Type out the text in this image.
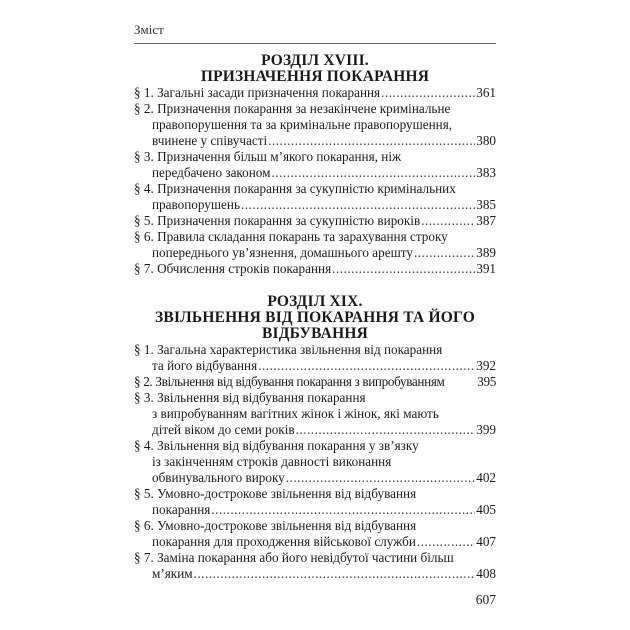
Зміст
РОЗДІЛ XVIII.
ПРИЗНАЧЕННЯ ПОКАРАННЯ
§ 1. Загальні засади призначення покарання .....	361
§ 2. Призначення покарання за незакінчене кримінальне
правопорушення та за кримінальне правопорушення,
вчинене у співучасті .....	380
§ 3. Призначення більш м’якого покарання, ніж
передбачено законом .....	383
§ 4. Призначення покарання за сукупністю кримінальних
правопорушень .....	385
§ 5. Призначення покарання за сукупністю вироків .....	387
§ 6. Правила складання покарань та зарахування строку
попереднього ув’язнення, домашнього арешту .....	389
§ 7. Обчислення строків покарання .....	391
РОЗДІЛ XIX.
ЗВІЛЬНЕННЯ ВІД ПОКАРАННЯ ТА ЙОГО
ВІДБУВАННЯ
§ 1. Загальна характеристика звільнення від покарання
та його відбування .....	392
§ 2. Звільнення від відбування покарання з випробуванням 395
§ 3. Звільнення від відбування покарання
з випробуванням вагітних жінок і жінок, які мають
дітей віком до семи років .....	399
§ 4. Звільнення від відбування покарання у зв’язку
із закінченням строків давності виконання
обвинувального вироку .....	402
§ 5. Умовно-дострокове звільнення від відбування
покарання .....	405
§ 6. Умовно-дострокове звільнення від відбування
покарання для проходження військової служби .....	407
§ 7. Заміна покарання або його невідбутої частини більш
м’яким .....	408
607
